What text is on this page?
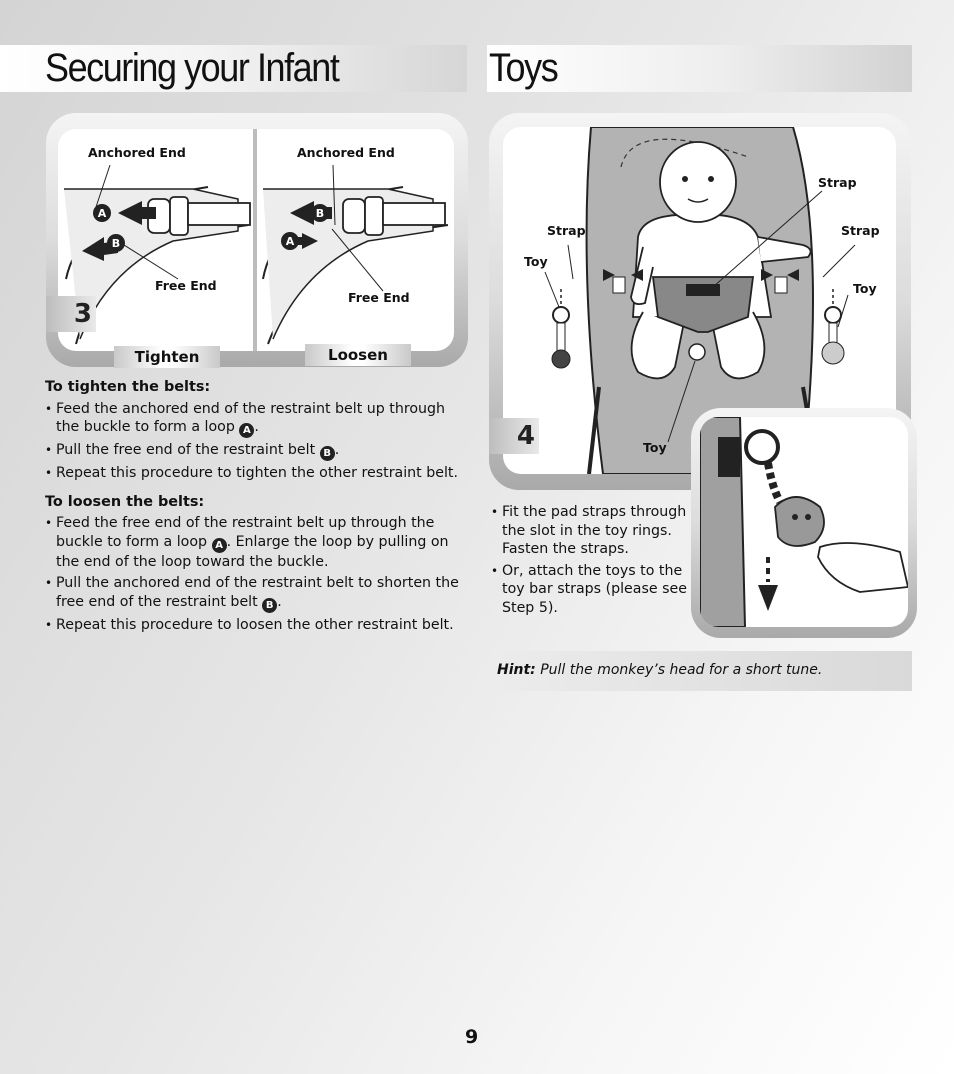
Securing your Infant	Toys
A
B
B
A
Anchored End
Free End
Anchored End
Free End
3
Tighten	Loosen
To tighten the belts:
• Feed the anchored end of the restraint belt up through the buckle to form a loop A .
• Pull the free end of the restraint belt B .
• Repeat this procedure to tighten the other restraint belt.
To loosen the belts:
• Feed the free end of the restraint belt up through the buckle to form a loop A . Enlarge the loop by pulling on the end of the loop toward the buckle.
• Pull the anchored end of the restraint belt to shorten the free end of the restraint belt B .
• Repeat this procedure to loosen the other restraint belt.
Strap
Strap	Strap
Toy
Toy
Toy
4
• Fit the pad straps through the slot in the toy rings. Fasten the straps.
• Or, attach the toys to the toy bar straps (please see Step 5).
Hint: Pull the monkey’s head for a short tune.
9
